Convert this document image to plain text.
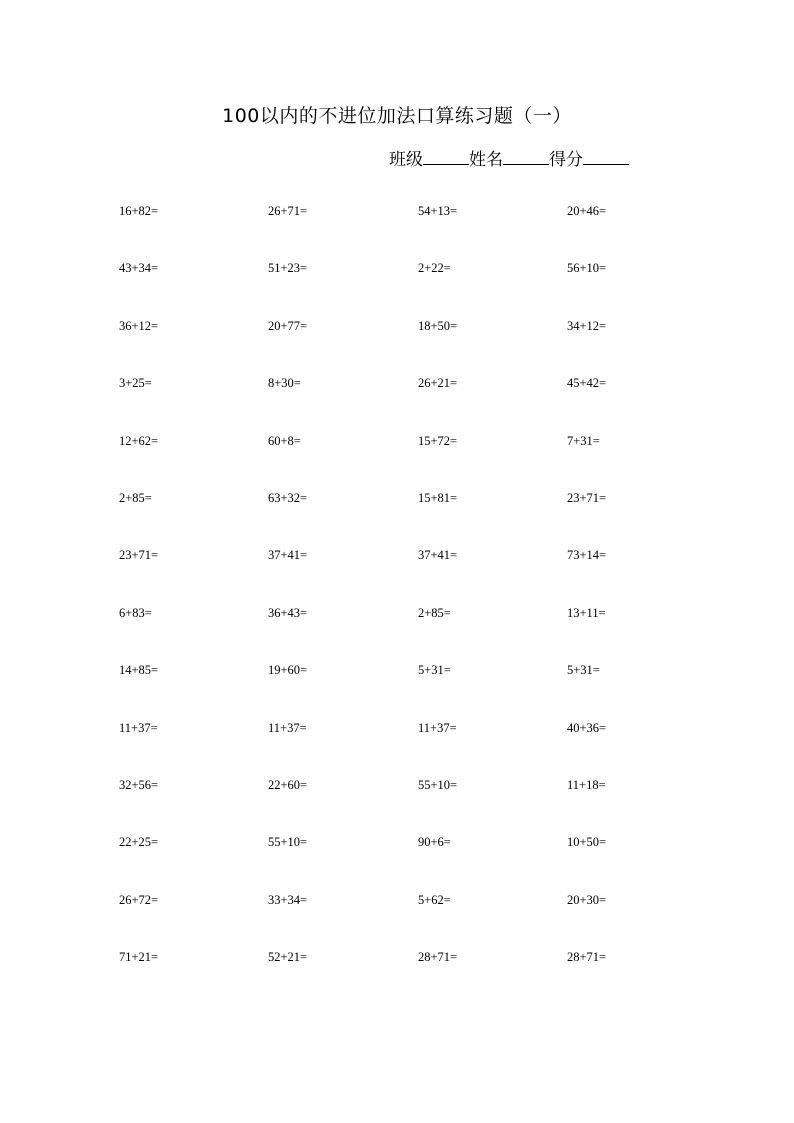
100以内的不进位加法口算练习题（一）
班级	姓名	得分
16+82=	26+71=	54+13=	20+46=
43+34=	51+23=	2+22=	56+10=
36+12=	20+77=	18+50=	34+12=
3+25=	8+30=	26+21=	45+42=
12+62=	60+8=	15+72=	7+31=
2+85=	63+32=	15+81=	23+71=
23+71=	37+41=	37+41=	73+14=
6+83=	36+43=	2+85=	13+11=
14+85=	19+60=	5+31=	5+31=
11+37=	11+37=	11+37=	40+36=
32+56=	22+60=	55+10=	11+18=
22+25=	55+10=	90+6=	10+50=
26+72=	33+34=	5+62=	20+30=
71+21=	52+21=	28+71=	28+71=
